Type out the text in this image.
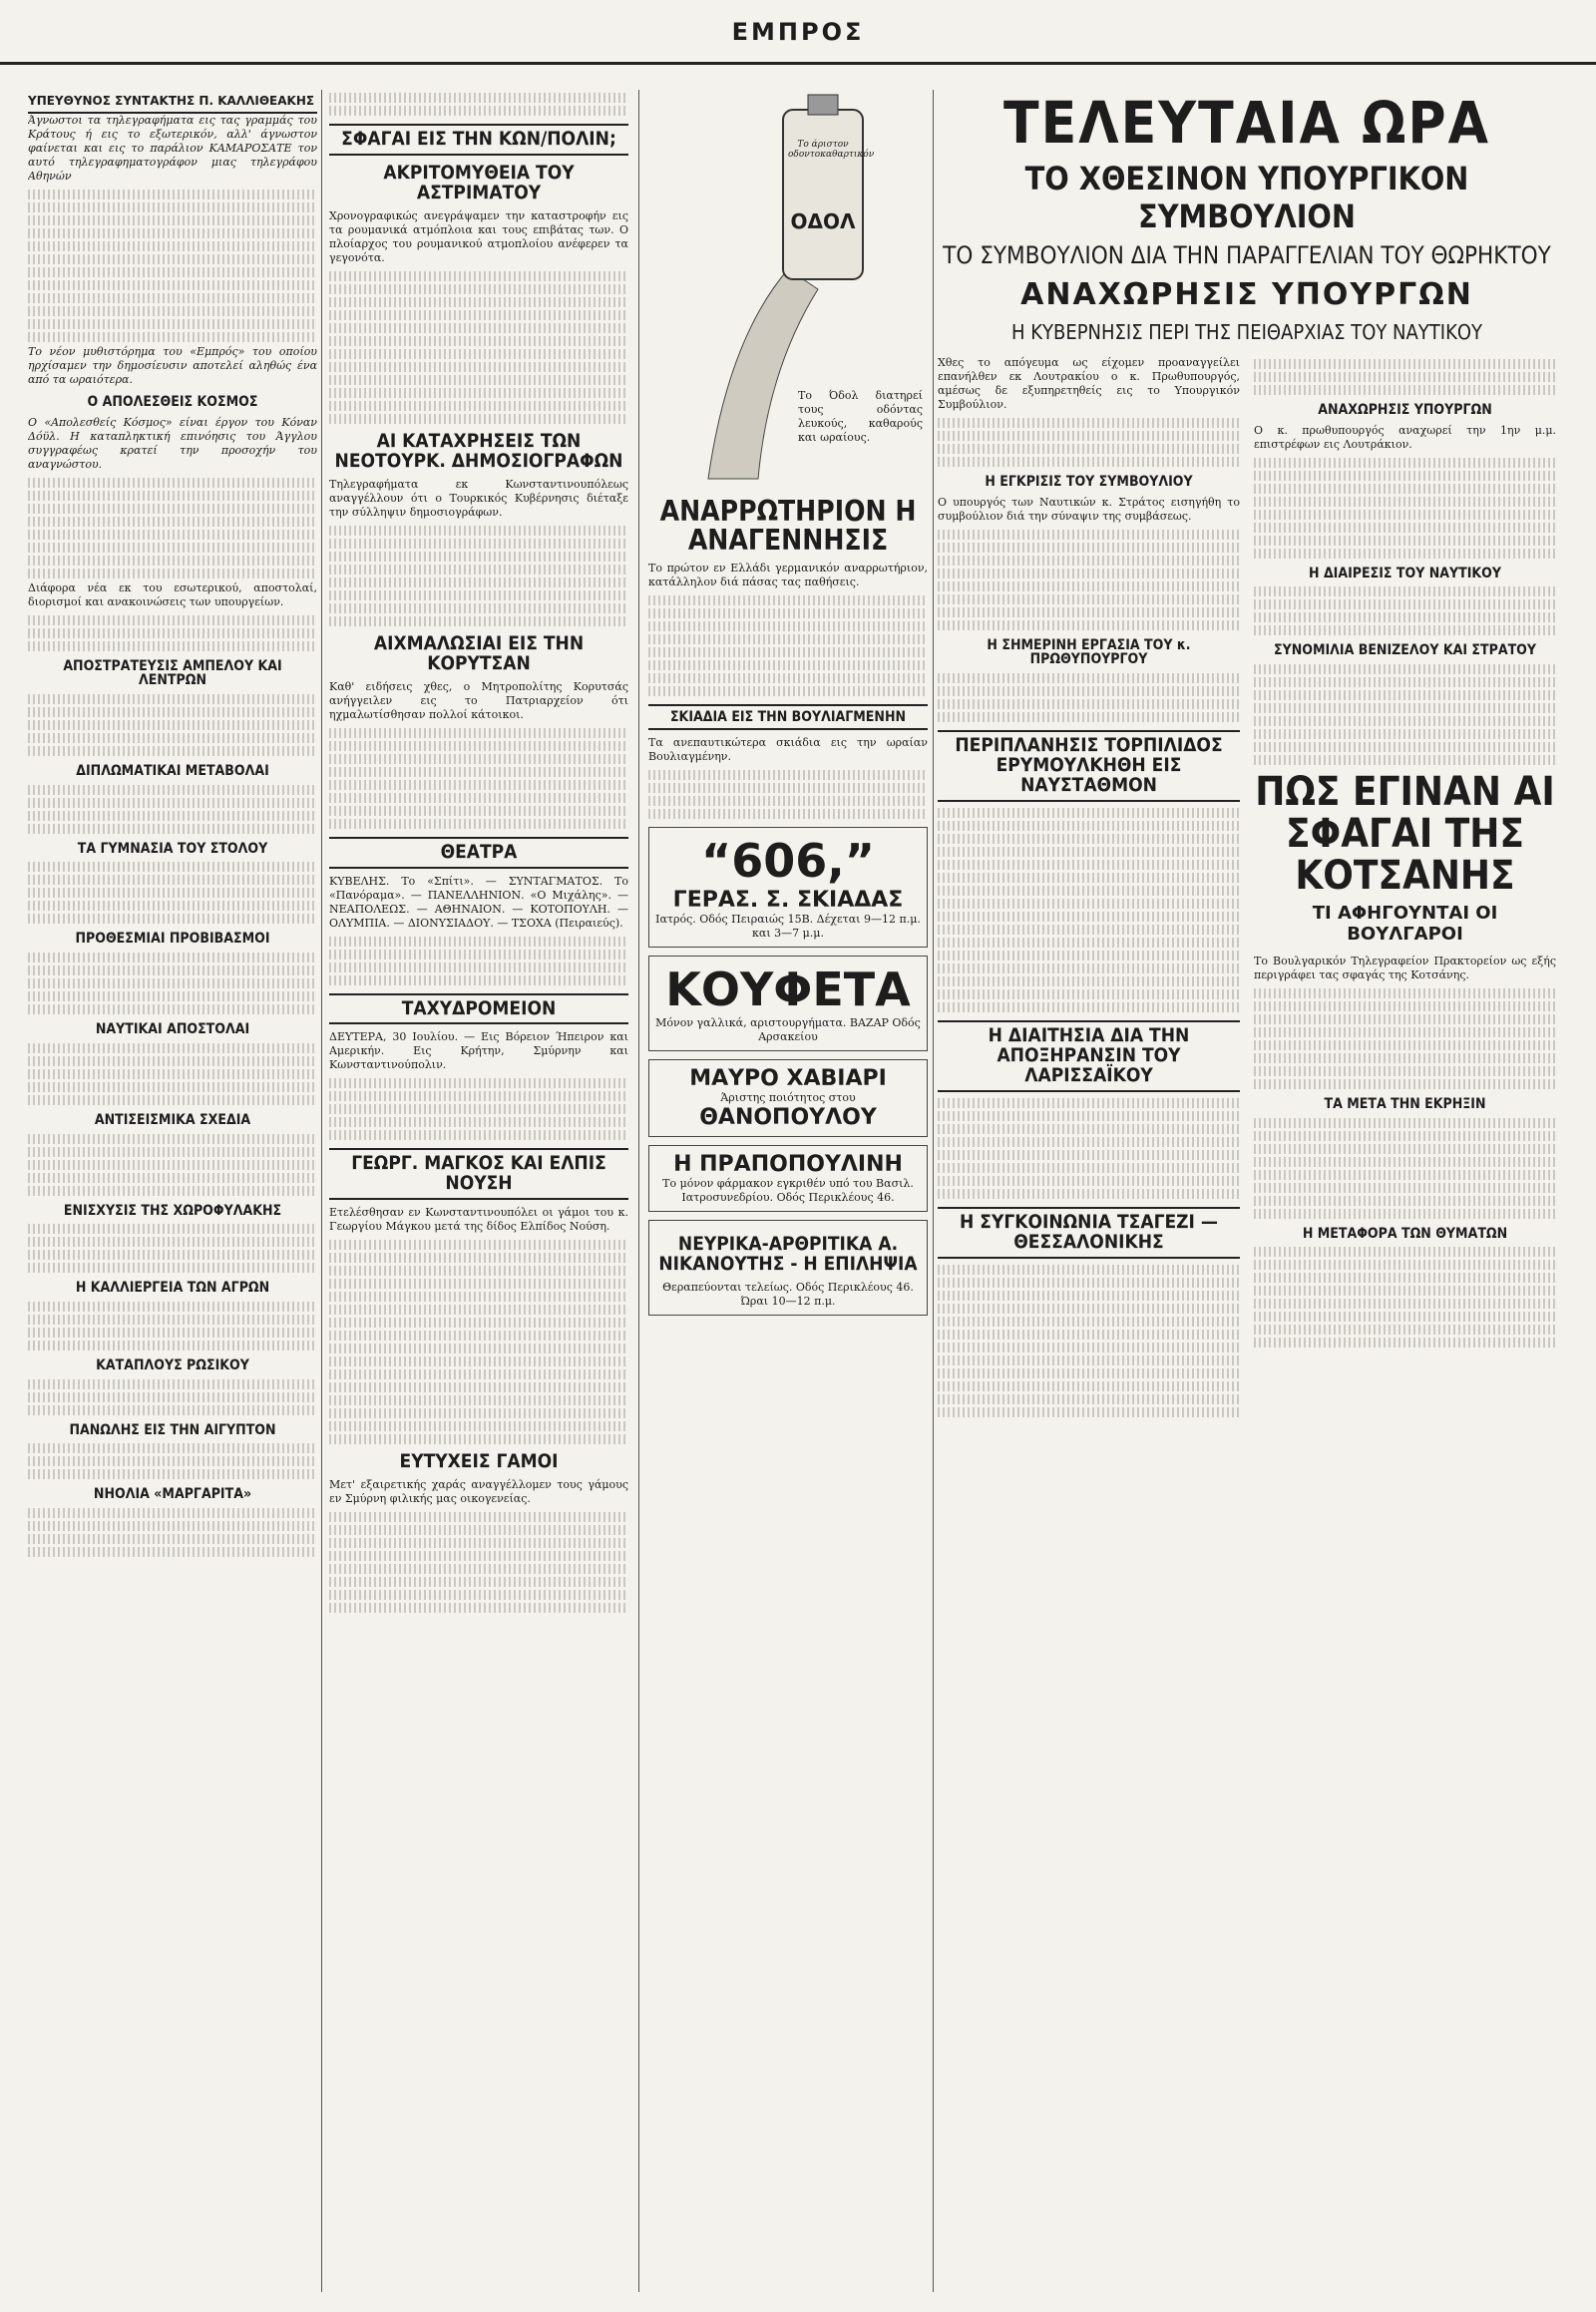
ΕΜΠΡΟΣ
ΥΠΕΥΘΥΝΟΣ ΣΥΝΤΑΚΤΗΣ Π. ΚΑΛΛΙΘΕΑΚΗΣ

Άγνωστοι τα τηλεγραφήματα εις τας γραμμάς του Κράτους ή εις το εξωτερικόν, αλλ' άγνωστον φαίνεται και εις το παράλιον ΚΑΜΑΡΟΣΑΤΕ τον αυτό τηλεγραφηματογράφον μιας τηλεγράφου Αθηνών

Το νέον μυθιστόρημα του «Εμπρός» του οποίου ηρχίσαμεν την δημοσίευσιν αποτελεί αληθώς ένα από τα ωραιότερα.

Ο ΑΠΟΛΕΣΘΕΙΣ ΚΟΣΜΟΣ

Ο «Απολεσθείς Κόσμος» είναι έργον του Κόναν Δόϋλ. Η καταπληκτική επινόησις του Άγγλου συγγραφέως κρατεί την προσοχήν του αναγνώστου.

Διάφορα νέα εκ του εσωτερικού, αποστολαί, διορισμοί και ανακοινώσεις των υπουργείων.

ΑΠΟΣΤΡΑΤΕΥΣΙΣ ΑΜΠΕΛΟΥ ΚΑΙ ΛΕΝΤΡΩΝ
ΔΙΠΛΩΜΑΤΙΚΑΙ ΜΕΤΑΒΟΛΑΙ
ΤΑ ΓΥΜΝΑΣΙΑ ΤΟΥ ΣΤΟΛΟΥ
ΠΡΟΘΕΣΜΙΑΙ ΠΡΟΒΙΒΑΣΜΟΙ
ΝΑΥΤΙΚΑΙ ΑΠΟΣΤΟΛΑΙ
ΑΝΤΙΣΕΙΣΜΙΚΑ ΣΧΕΔΙΑ
ΕΝΙΣΧΥΣΙΣ ΤΗΣ ΧΩΡΟΦΥΛΑΚΗΣ
Η ΚΑΛΛΙΕΡΓΕΙΑ ΤΩΝ ΑΓΡΩΝ
ΚΑΤΑΠΛΟΥΣ ΡΩΣΙΚΟΥ
ΠΑΝΩΛΗΣ ΕΙΣ ΤΗΝ ΑΙΓΥΠΤΟΝ
ΝΗΟΛΙΑ «ΜΑΡΓΑΡΙΤΑ»
ΣΦΑΓΑΙ ΕΙΣ ΤΗΝ ΚΩΝ/ΠΟΛΙΝ;
ΑΚΡΙΤΟΜΥΘΕΙΑ ΤΟΥ ΑΣΤΡΙΜΑΤΟΥ

Χρονογραφικώς ανεγράψαμεν την καταστροφήν εις τα ρουμανικά ατμόπλοια και τους επιβάτας των. Ο πλοίαρχος του ρουμανικού ατμοπλοίου ανέφερεν τα γεγονότα.

ΑΙ ΚΑΤΑΧΡΗΣΕΙΣ ΤΩΝ ΝΕΟΤΟΥΡΚ. ΔΗΜΟΣΙΟΓΡΑΦΩΝ

Τηλεγραφήματα εκ Κωνσταντινουπόλεως αναγγέλλουν ότι ο Τουρκικός Κυβέρνησις διέταξε την σύλληψιν δημοσιογράφων.

ΑΙΧΜΑΛΩΣΙΑΙ ΕΙΣ ΤΗΝ ΚΟΡΥΤΣΑΝ

Καθ' ειδήσεις χθες, ο Μητροπολίτης Κορυτσάς ανήγγειλεν εις το Πατριαρχείον ότι ηχμαλωτίσθησαν πολλοί κάτοικοι.

ΘΕΑΤΡΑ

ΚΥΒΕΛΗΣ. Το «Σπίτι». — ΣΥΝΤΑΓΜΑΤΟΣ. Το «Πανόραμα». — ΠΑΝΕΛΛΗΝΙΟΝ. «Ο Μιχάλης». — ΝΕΑΠΟΛΕΩΣ. — ΑΘΗΝΑΙΟΝ. — ΚΟΤΟΠΟΥΛΗ. — ΟΛΥΜΠΙΑ. — ΔΙΟΝΥΣΙΑΔΟΥ. — ΤΣΟΧΑ (Πειραιεύς).

ΤΑΧΥΔΡΟΜΕΙΟΝ

ΔΕΥΤΕΡΑ, 30 Ιουλίου. — Εις Βόρειον Ήπειρον και Αμερικήν. Εις Κρήτην, Σμύρνην και Κωνσταντινούπολιν.

ΓΕΩΡΓ. ΜΑΓΚΟΣ ΚΑΙ ΕΛΠΙΣ ΝΟΥΣΗ

Ετελέσθησαν εν Κωνσταντινουπόλει οι γάμοι του κ. Γεωργίου Μάγκου μετά της δίδος Ελπίδος Νούση.

ΕΥΤΥΧΕΙΣ ΓΑΜΟΙ

Μετ' εξαιρετικής χαράς αναγγέλλομεν τους γάμους εν Σμύρνη φιλικής μας οικογενείας.

Το άριστον οδοντοκαθαρτικόν
ΟΔΟΛ

Το Όδολ διατηρεί τους οδόντας λευκούς, καθαρούς και ωραίους.

ΑΝΑΡΡΩΤΗΡΙΟΝ Η ΑΝΑΓΕΝΝΗΣΙΣ

Το πρώτον εν Ελλάδι γερμανικόν αναρρωτήριον, κατάλληλον διά πάσας τας παθήσεις.

ΣΚΙΑΔΙΑ ΕΙΣ ΤΗΝ ΒΟΥΛΙΑΓΜΕΝΗΝ

Τα ανεπαυτικώτερα σκιάδια εις την ωραίαν Βουλιαγμένην.

“606,”
ΓΕΡΑΣ. Σ. ΣΚΙΑΔΑΣ
Ιατρός. Οδός Πειραιώς 15Β. Δέχεται 9—12 π.μ. και 3—7 μ.μ.
ΚΟΥΦΕΤΑ
Μόνον γαλλικά, αριστουργήματα. ΒΑΖΑΡ Οδός Αρσακείου
ΜΑΥΡΟ ΧΑΒΙΑΡΙ
Άριστης ποιότητος στου
ΘΑΝΟΠΟΥΛΟΥ
Η ΠΡΑΠΟΠΟΥΛΙΝΗ
Το μόνον φάρμακον εγκριθέν υπό του Βασιλ. Ιατροσυνεδρίου. Οδός Περικλέους 46.
ΝΕΥΡΙΚΑ-ΑΡΘΡΙΤΙΚΑ Α. ΝΙΚΑΝΟΥΤΗΣ - Η ΕΠΙΛΗΨΙΑ
Θεραπεύονται τελείως. Οδός Περικλέους 46. Ώραι 10—12 π.μ.
ΤΕΛΕΥΤΑΙΑ ΩΡΑ
ΤΟ ΧΘΕΣΙΝΟΝ ΥΠΟΥΡΓΙΚΟΝ ΣΥΜΒΟΥΛΙΟΝ
ΤΟ ΣΥΜΒΟΥΛΙΟΝ ΔΙΑ ΤΗΝ ΠΑΡΑΓΓΕΛΙΑΝ ΤΟΥ ΘΩΡΗΚΤΟΥ
ΑΝΑΧΩΡΗΣΙΣ ΥΠΟΥΡΓΩΝ
Η ΚΥΒΕΡΝΗΣΙΣ ΠΕΡΙ ΤΗΣ ΠΕΙΘΑΡΧΙΑΣ ΤΟΥ ΝΑΥΤΙΚΟΥ

Χθες το απόγευμα ως είχομεν προαναγγείλει επανήλθεν εκ Λουτρακίου ο κ. Πρωθυπουργός, αμέσως δε εξυπηρετηθείς εις το Υπουργικόν Συμβούλιον.

Η ΕΓΚΡΙΣΙΣ ΤΟΥ ΣΥΜΒΟΥΛΙΟΥ

Ο υπουργός των Ναυτικών κ. Στράτος εισηγήθη το συμβούλιον διά την σύναψιν της συμβάσεως.

Η ΣΗΜΕΡΙΝΗ ΕΡΓΑΣΙΑ ΤΟΥ κ. ΠΡΩΘΥΠΟΥΡΓΟΥ
ΠΕΡΙΠΛΑΝΗΣΙΣ ΤΟΡΠΙΛΙΔΟΣ ΕΡΥΜΟΥΛΚΗΘΗ ΕΙΣ ΝΑΥΣΤΑΘΜΟΝ
Η ΔΙΑΙΤΗΣΙΑ ΔΙΑ ΤΗΝ ΑΠΟΞΗΡΑΝΣΙΝ ΤΟΥ ΛΑΡΙΣΣΑΪΚΟΥ
Η ΣΥΓΚΟΙΝΩΝΙΑ ΤΣΑΓΕΖΙ — ΘΕΣΣΑΛΟΝΙΚΗΣ
ΑΝΑΧΩΡΗΣΙΣ ΥΠΟΥΡΓΩΝ

Ο κ. πρωθυπουργός αναχωρεί την 1ην μ.μ. επιστρέφων εις Λουτράκιον.

Η ΔΙΑΙΡΕΣΙΣ ΤΟΥ ΝΑΥΤΙΚΟΥ
ΣΥΝΟΜΙΛΙΑ ΒΕΝΙΖΕΛΟΥ ΚΑΙ ΣΤΡΑΤΟΥ
ΠΩΣ ΕΓΙΝΑΝ ΑΙ ΣΦΑΓΑΙ ΤΗΣ ΚΟΤΣΑΝΗΣ
ΤΙ ΑΦΗΓΟΥΝΤΑΙ ΟΙ ΒΟΥΛΓΑΡΟΙ

Το Βουλγαρικόν Τηλεγραφείον Πρακτορείον ως εξής περιγράφει τας σφαγάς της Κοτσάνης.

ΤΑ ΜΕΤΑ ΤΗΝ ΕΚΡΗΞΙΝ
Η ΜΕΤΑΦΟΡΑ ΤΩΝ ΘΥΜΑΤΩΝ
